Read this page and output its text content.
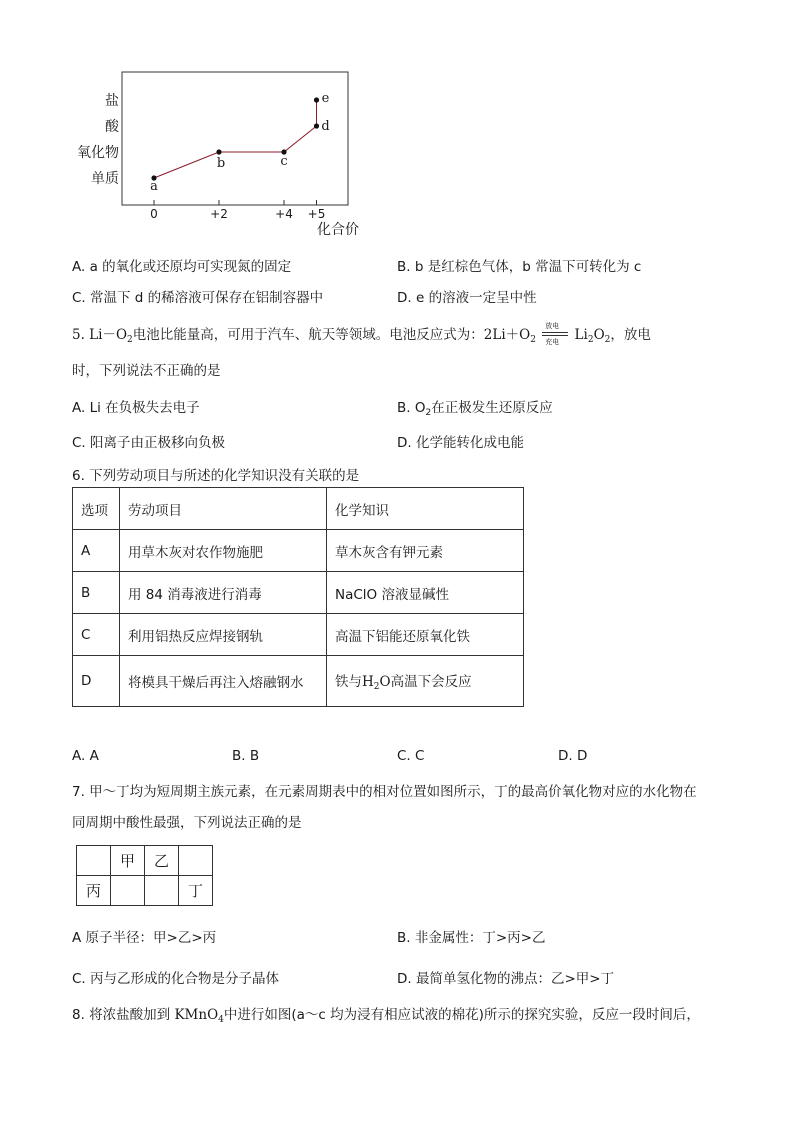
单质
氧化物
酸
盐
0	+2	+4 +5
a
b	c
d
e
化合价
A. a 的氧化或还原均可实现氮的固定	B. b 是红棕色气体，b 常温下可转化为 c
C. 常温下 d 的稀溶液可保存在铝制容器中	D. e 的溶液一定呈中性
5. $Li-O_2$电池比能量高，可用于汽车、航天等领域。电池反应式为：$2Li+O_2$
放电
充电 $Li_2O_2$，放电
时，下列说法不正确的是
A. Li 在负极失去电子	B. $O_2$在正极发生还原反应
C. 阳离子由正极移向负极	D. 化学能转化成电能
6. 下列劳动项目与所述的化学知识没有关联的是
选项	劳动项目	化学知识
A	用草木灰对农作物施肥	草木灰含有钾元素
B	用 84 消毒液进行消毒	NaClO 溶液显碱性
C	利用铝热反应焊接钢轨	高温下铝能还原氧化铁
D	将模具干燥后再注入熔融钢水	铁与$H_2O$高温下会反应
A. A	B. B	C. C	D. D
7. 甲～丁均为短周期主族元素，在元素周期表中的相对位置如图所示，丁的最高价氧化物对应的水化物在
同周期中酸性最强，下列说法正确的是
	甲	乙	
丙			丁
A 原子半径：甲>乙>丙	B. 非金属性：丁>丙>乙
C. 丙与乙形成的化合物是分子晶体	D. 最简单氢化物的沸点：乙>甲>丁
8. 将浓盐酸加到 KMnO$_4$中进行如图(a～c 均为浸有相应试液的棉花)所示的探究实验，反应一段时间后，
